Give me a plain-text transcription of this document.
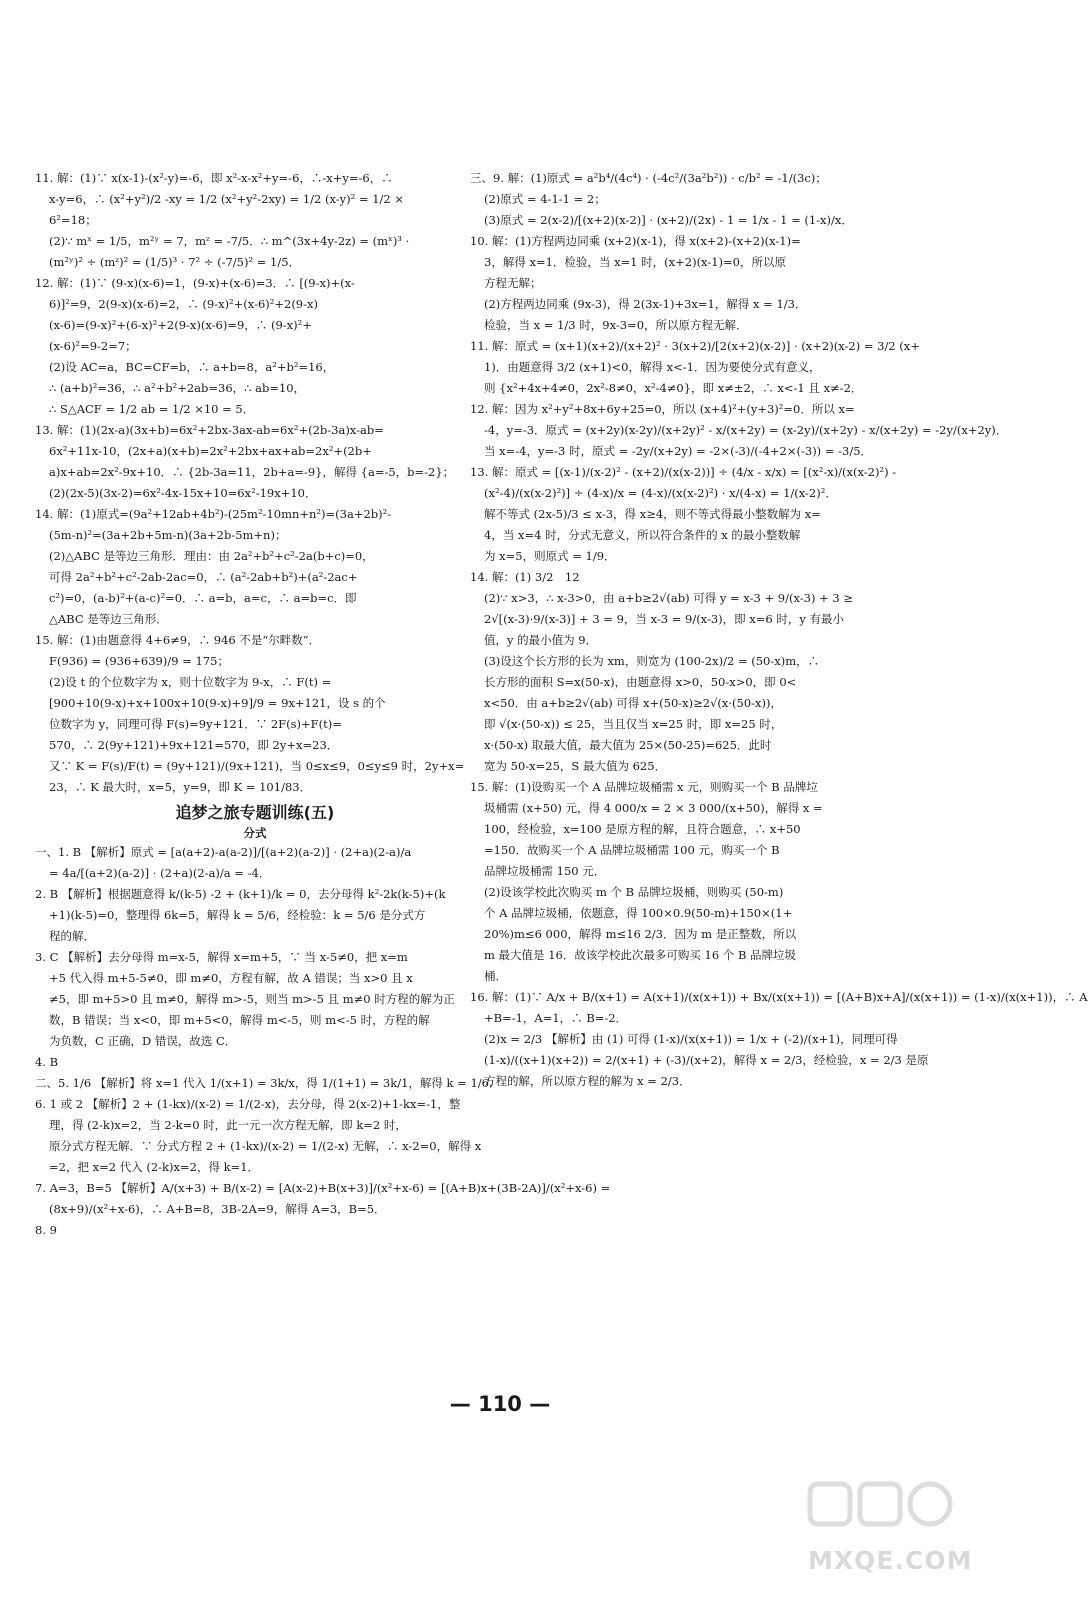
11. 解：(1)∵ x(x-1)-(x²-y)=-6，即 x²-x-x²+y=-6，∴-x+y=-6，∴
x-y=6，∴ (x²+y²)/2 -xy = 1/2 (x²+y²-2xy) = 1/2 (x-y)² = 1/2 ×
6²=18；
(2)∵ mˣ = 1/5，m²ʸ = 7，mᶻ = -7/5．∴ m^(3x+4y-2z) = (mˣ)³ ·
(m²ʸ)² ÷ (mᶻ)² = (1/5)³ · 7² ÷ (-7/5)² = 1/5．
12. 解：(1)∵ (9-x)(x-6)=1，(9-x)+(x-6)=3．∴ [(9-x)+(x-
6)]²=9，2(9-x)(x-6)=2，∴ (9-x)²+(x-6)²+2(9-x)
(x-6)=(9-x)²+(6-x)²+2(9-x)(x-6)=9，∴ (9-x)²+
(x-6)²=9-2=7；
(2)设 AC=a，BC=CF=b，∴ a+b=8，a²+b²=16，
∴ (a+b)²=36，∴ a²+b²+2ab=36，∴ ab=10，
∴ S△ACF = 1/2 ab = 1/2 ×10 = 5．
13. 解：(1)(2x-a)(3x+b)=6x²+2bx-3ax-ab=6x²+(2b-3a)x-ab=
6x²+11x-10，(2x+a)(x+b)=2x²+2bx+ax+ab=2x²+(2b+
a)x+ab=2x²-9x+10．∴ {2b-3a=11，2b+a=-9}，解得 {a=-5，b=-2}；
(2)(2x-5)(3x-2)=6x²-4x-15x+10=6x²-19x+10．
14. 解：(1)原式=(9a²+12ab+4b²)-(25m²-10mn+n²)=(3a+2b)²-
(5m-n)²=(3a+2b+5m-n)(3a+2b-5m+n)；
(2)△ABC 是等边三角形．理由：由 2a²+b²+c²-2a(b+c)=0，
可得 2a²+b²+c²-2ab-2ac=0，∴ (a²-2ab+b²)+(a²-2ac+
c²)=0，(a-b)²+(a-c)²=0．∴ a=b，a=c，∴ a=b=c．即
△ABC 是等边三角形．
15. 解：(1)由题意得 4+6≠9，∴ 946 不是“尔畔数”．
F(936) = (936+639)/9 = 175；
(2)设 t 的个位数字为 x，则十位数字为 9-x，∴ F(t) =
[900+10(9-x)+x+100x+10(9-x)+9]/9 = 9x+121，设 s 的个
位数字为 y，同理可得 F(s)=9y+121．∵ 2F(s)+F(t)=
570，∴ 2(9y+121)+9x+121=570，即 2y+x=23．
又∵ K = F(s)/F(t) = (9y+121)/(9x+121)，当 0≤x≤9，0≤y≤9 时，2y+x=
23，∴ K 最大时，x=5，y=9，即 K = 101/83．
追梦之旅专题训练(五)
分式
一、1. B 【解析】原式 = [a(a+2)-a(a-2)]/[(a+2)(a-2)] · (2+a)(2-a)/a
= 4a/[(a+2)(a-2)] · (2+a)(2-a)/a = -4．
2. B 【解析】根据题意得 k/(k-5) -2 + (k+1)/k = 0，去分母得 k²-2k(k-5)+(k
+1)(k-5)=0，整理得 6k=5，解得 k = 5/6，经检验：k = 5/6 是分式方
程的解．
3. C 【解析】去分母得 m=x-5，解得 x=m+5，∵ 当 x-5≠0，把 x=m
+5 代入得 m+5-5≠0，即 m≠0，方程有解，故 A 错误；当 x>0 且 x
≠5，即 m+5>0 且 m≠0，解得 m>-5，则当 m>-5 且 m≠0 时方程的解为正
数，B 错误；当 x<0，即 m+5<0，解得 m<-5，则 m<-5 时，方程的解
为负数，C 正确，D 错误，故选 C．
4. B
二、5. 1/6 【解析】将 x=1 代入 1/(x+1) = 3k/x，得 1/(1+1) = 3k/1，解得 k = 1/6．
6. 1 或 2 【解析】2 + (1-kx)/(x-2) = 1/(2-x)，去分母，得 2(x-2)+1-kx=-1，整
理，得 (2-k)x=2，当 2-k=0 时，此一元一次方程无解，即 k=2 时，
原分式方程无解．∵ 分式方程 2 + (1-kx)/(x-2) = 1/(2-x) 无解，∴ x-2=0，解得 x
=2，把 x=2 代入 (2-k)x=2，得 k=1．
7. A=3，B=5 【解析】A/(x+3) + B/(x-2) = [A(x-2)+B(x+3)]/(x²+x-6) = [(A+B)x+(3B-2A)]/(x²+x-6) =
(8x+9)/(x²+x-6)，∴ A+B=8，3B-2A=9，解得 A=3，B=5．
8. 9
三、9. 解：(1)原式 = a²b⁴/(4c⁴) · (-4c²/(3a²b²)) · c/b² = -1/(3c)；
(2)原式 = 4-1-1 = 2；
(3)原式 = 2(x-2)/[(x+2)(x-2)] · (x+2)/(2x) - 1 = 1/x - 1 = (1-x)/x．
10. 解：(1)方程两边同乘 (x+2)(x-1)，得 x(x+2)-(x+2)(x-1)=
3，解得 x=1．检验，当 x=1 时，(x+2)(x-1)=0，所以原
方程无解；
(2)方程两边同乘 (9x-3)，得 2(3x-1)+3x=1，解得 x = 1/3．
检验，当 x = 1/3 时，9x-3=0，所以原方程无解．
11. 解：原式 = (x+1)(x+2)/(x+2)² · 3(x+2)/[2(x+2)(x-2)] · (x+2)(x-2) = 3/2 (x+
1)．由题意得 3/2 (x+1)<0，解得 x<-1．因为要使分式有意义，
则 {x²+4x+4≠0，2x²-8≠0，x²-4≠0}，即 x≠±2，∴ x<-1 且 x≠-2．
12. 解：因为 x²+y²+8x+6y+25=0，所以 (x+4)²+(y+3)²=0．所以 x=
-4，y=-3．原式 = (x+2y)(x-2y)/(x+2y)² - x/(x+2y) = (x-2y)/(x+2y) - x/(x+2y) = -2y/(x+2y)．
当 x=-4，y=-3 时，原式 = -2y/(x+2y) = -2×(-3)/(-4+2×(-3)) = -3/5．
13. 解：原式 = [(x-1)/(x-2)² - (x+2)/(x(x-2))] ÷ (4/x - x/x) = [(x²-x)/(x(x-2)²) -
(x²-4)/(x(x-2)²)] ÷ (4-x)/x = (4-x)/(x(x-2)²) · x/(4-x) = 1/(x-2)²．
解不等式 (2x-5)/3 ≤ x-3，得 x≥4，则不等式得最小整数解为 x=
4，当 x=4 时，分式无意义，所以符合条件的 x 的最小整数解
为 x=5，则原式 = 1/9．
14. 解：(1) 3/2　12
(2)∵ x>3，∴ x-3>0，由 a+b≥2√(ab) 可得 y = x-3 + 9/(x-3) + 3 ≥
2√[(x-3)·9/(x-3)] + 3 = 9，当 x-3 = 9/(x-3)，即 x=6 时，y 有最小
值，y 的最小值为 9．
(3)设这个长方形的长为 xm，则宽为 (100-2x)/2 = (50-x)m，∴
长方形的面积 S=x(50-x)，由题意得 x>0，50-x>0，即 0<
x<50．由 a+b≥2√(ab) 可得 x+(50-x)≥2√(x·(50-x))，
即 √(x·(50-x)) ≤ 25，当且仅当 x=25 时，即 x=25 时，
x·(50-x) 取最大值，最大值为 25×(50-25)=625．此时
宽为 50-x=25，S 最大值为 625．
15. 解：(1)设购买一个 A 品牌垃圾桶需 x 元，则购买一个 B 品牌垃
圾桶需 (x+50) 元，得 4 000/x = 2 × 3 000/(x+50)，解得 x =
100，经检验，x=100 是原方程的解，且符合题意，∴ x+50
=150．故购买一个 A 品牌垃圾桶需 100 元，购买一个 B
品牌垃圾桶需 150 元．
(2)设该学校此次购买 m 个 B 品牌垃圾桶，则购买 (50-m)
个 A 品牌垃圾桶，依题意，得 100×0.9(50-m)+150×(1+
20%)m≤6 000，解得 m≤16 2/3．因为 m 是正整数，所以
m 最大值是 16．故该学校此次最多可购买 16 个 B 品牌垃圾
桶．
16. 解：(1)∵ A/x + B/(x+1) = A(x+1)/(x(x+1)) + Bx/(x(x+1)) = [(A+B)x+A]/(x(x+1)) = (1-x)/(x(x+1))，∴ A
+B=-1，A=1，∴ B=-2．
(2)x = 2/3 【解析】由 (1) 可得 (1-x)/(x(x+1)) = 1/x + (-2)/(x+1)，同理可得
(1-x)/((x+1)(x+2)) = 2/(x+1) + (-3)/(x+2)，解得 x = 2/3，经检验，x = 2/3 是原
方程的解，所以原方程的解为 x = 2/3．
— 110 —
MXQE.COM
